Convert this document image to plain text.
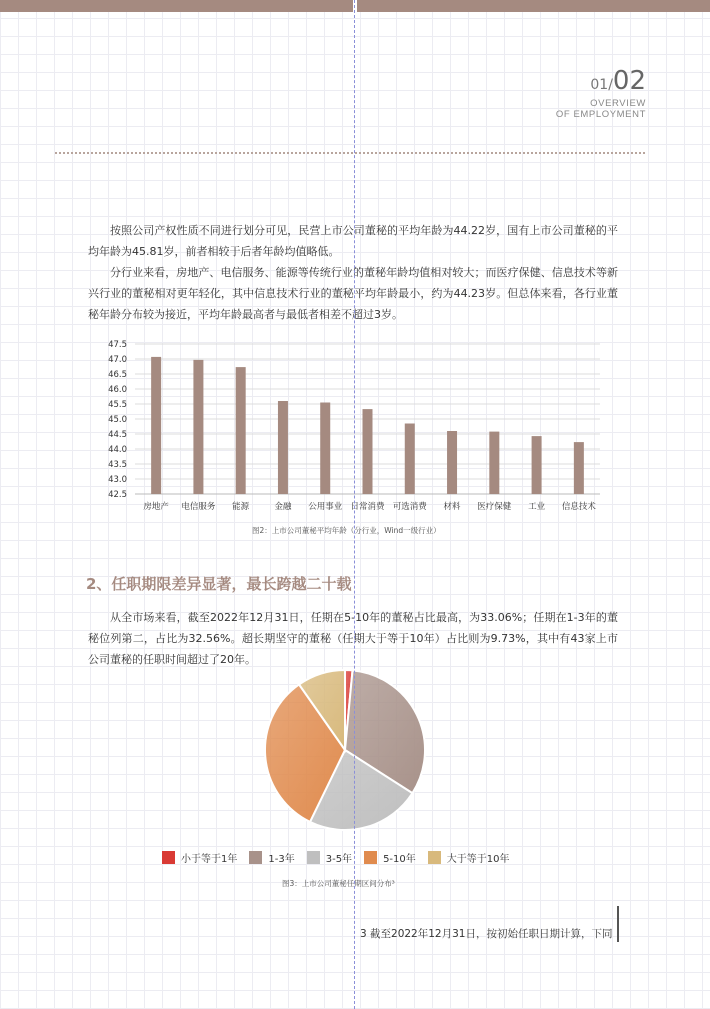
01/02
OVERVIEW
OF EMPLOYMENT

按照公司产权性质不同进行划分可见，民营上市公司董秘的平均年龄为44.22岁，国有上市公司董秘的平均年龄为45.81岁，前者相较于后者年龄均值略低。

分行业来看，房地产、电信服务、能源等传统行业的董秘年龄均值相对较大；而医疗保健、信息技术等新兴行业的董秘相对更年轻化，其中信息技术行业的董秘平均年龄最小，约为44.23岁。但总体来看，各行业董秘年龄分布较为接近，平均年龄最高者与最低者相差不超过3岁。

42.5
43.0
43.5
44.0
44.5
45.0
45.5
46.0
46.5
47.0
47.5
房地产 电信服务 能源	金融 公用事业 日常消费 可选消费 材料 医疗保健 工业 信息技术
图2：上市公司董秘平均年龄（分行业，Wind一级行业）
2、任职期限差异显著，最长跨越二十载

从全市场来看，截至2022年12月31日，任期在5-10年的董秘占比最高，为33.06%；任期在1-3年的董秘位列第二，占比为32.56%。超长期坚守的董秘（任期大于等于10年）占比则为9.73%，其中有43家上市公司董秘的任职时间超过了20年。

小于等于1年	1-3年	3-5年	5-10年	大于等于10年
图3：上市公司董秘任期区间分布³
3 截至2022年12月31日，按初始任职日期计算，下同
